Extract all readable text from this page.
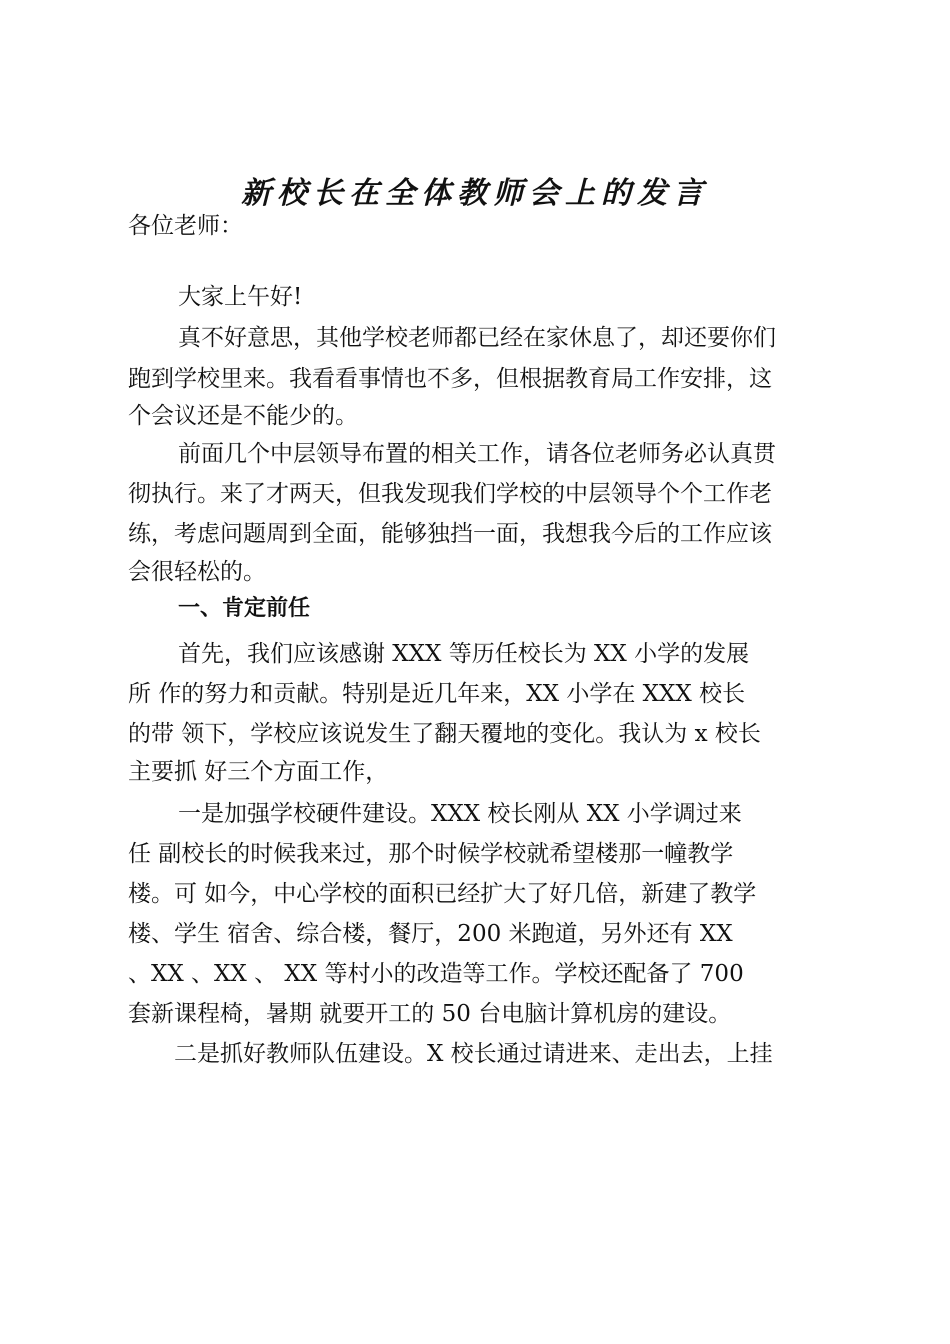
新校长在全体教师会上的发言
各位老师：
大家上午好!
真不好意思，其他学校老师都已经在家休息了，却还要你们
跑到学校里来。我看看事情也不多，但根据教育局工作安排，这
个会议还是不能少的。
前面几个中层领导布置的相关工作，请各位老师务必认真贯
彻执行。来了才两天，但我发现我们学校的中层领导个个工作老
练，考虑问题周到全面，能够独挡一面，我想我今后的工作应该
会很轻松的。
一、肯定前任
首先，我们应该感谢 XXX 等历任校长为 XX 小学的发展
所 作的努力和贡献。特别是近几年来，XX 小学在 XXX 校长
的带 领下，学校应该说发生了翻天覆地的变化。我认为 x 校长
主要抓 好三个方面工作，
一是加强学校硬件建设。XXX 校长刚从 XX 小学调过来
任 副校长的时候我来过，那个时候学校就希望楼那一幢教学
楼。可 如今，中心学校的面积已经扩大了好几倍，新建了教学
楼、学生 宿舍、综合楼，餐厅，200 米跑道，另外还有 XX
、XX 、XX 、 XX 等村小的改造等工作。学校还配备了 700
套新课程椅，暑期 就要开工的 50 台电脑计算机房的建设。
二是抓好教师队伍建设。X 校长通过请进来、走出去，上挂
